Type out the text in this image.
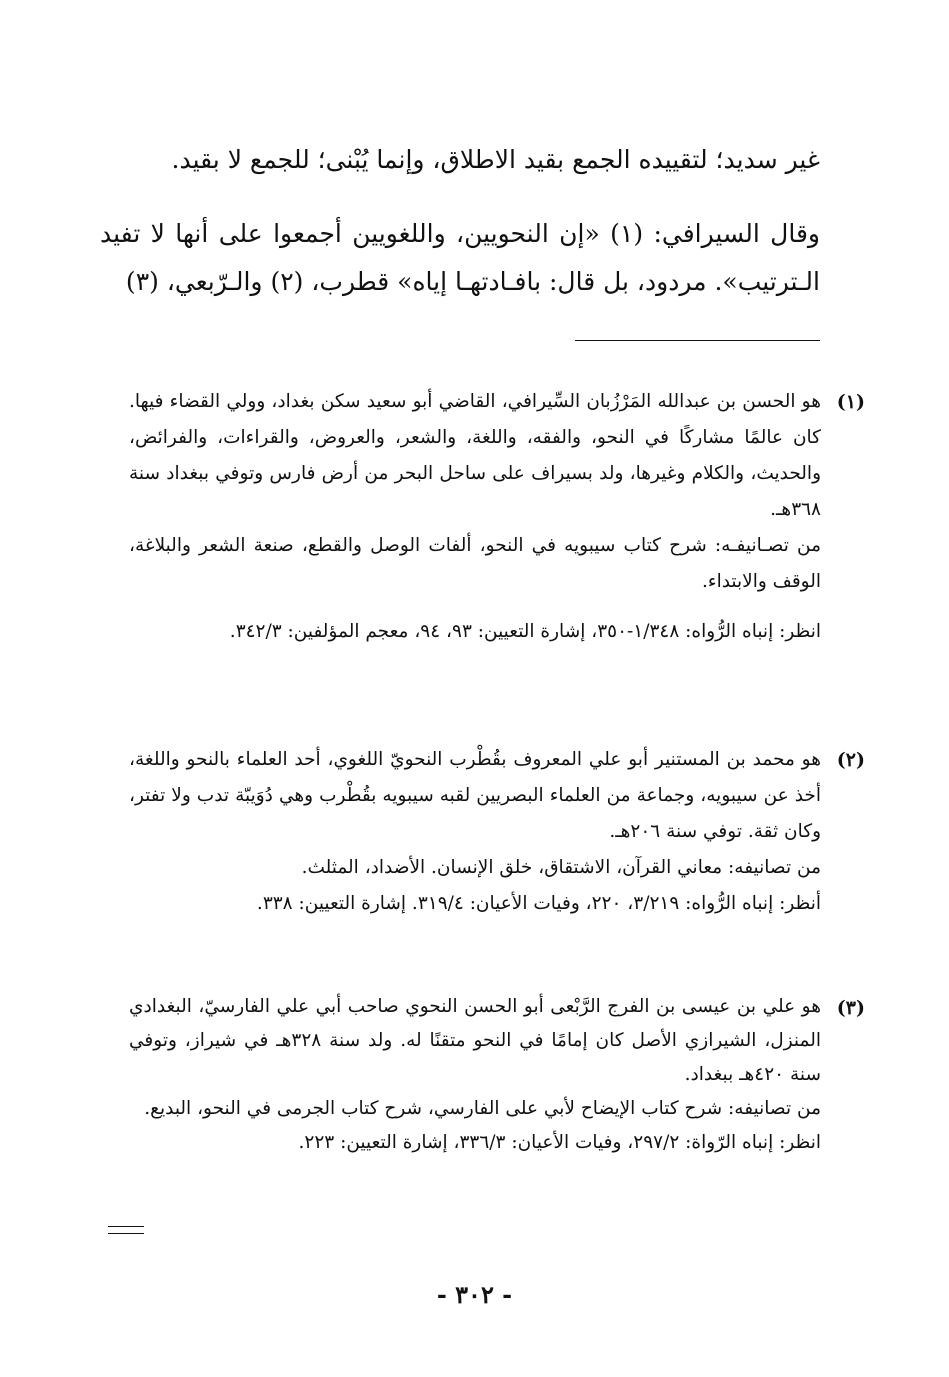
غير سديد؛ لتقييده الجمع بقيد الاطلاق، وإنما يُبْنى؛ للجمع لا بقيد.

وقال السيرافي: (١) «إن النحويين، واللغويين أجمعوا على أنها لا تفيد الـترتيب». مردود، بل قال: بافـادتهـا إياه» قطرب، (٢) والـرّبعي، (٣)

(١)

هو الحسن بن عبدالله المَرْزُبان السِّيرافي، القاضي أبو سعيد سكن بغداد، وولي القضاء فيها. كان عالمًا مشاركًا في النحو، والفقه، واللغة، والشعر، والعروض، والقراءات، والفرائض، والحديث، والكلام وغيرها، ولد بسيراف على ساحل البحر من أرض فارس وتوفي ببغداد سنة ٣٦٨هـ.

من تصـانيفـه: شرح كتاب سيبويه في النحو، ألفات الوصل والقطع، صنعة الشعر والبلاغة، الوقف والابتداء.

انظر: إنباه الرُّواه: ١/٣٤٨-٣٥٠، إشارة التعيين: ٩٣، ٩٤، معجم المؤلفين: ٣٤٢/٣.

(٢)

هو محمد بن المستنير أبو علي المعروف بقُطْرب النحويّ اللغوي، أحد العلماء بالنحو واللغة، أخذ عن سيبويه، وجماعة من العلماء البصريين لقبه سيبويه بقُطْرب وهي دُوَيبّة تدب ولا تفتر، وكان ثقة. توفي سنة ٢٠٦هـ.

من تصانيفه: معاني القرآن، الاشتقاق، خلق الإنسان. الأضداد، المثلث.

أنظر: إنباه الرُّواه: ٣/٢١٩، ٢٢٠، وفيات الأعيان: ٣١٩/٤. إشارة التعيين: ٣٣٨.

(٣)

هو علي بن عيسى بن الفرج الرَّبْعى أبو الحسن النحوي صاحب أبي علي الفارسيّ، البغدادي المنزل، الشيرازي الأصل كان إمامًا في النحو متقنًا له. ولد سنة ٣٢٨هـ في شيراز، وتوفي سنة ٤٢٠هـ ببغداد.

من تصانيفه: شرح كتاب الإيضاح لأبي على الفارسي، شرح كتاب الجرمى في النحو، البديع.

انظر: إنباه الرّواة: ٢٩٧/٢، وفيات الأعيان: ٣٣٦/٣، إشارة التعيين: ٢٢٣.

- ٣٠٢ -
